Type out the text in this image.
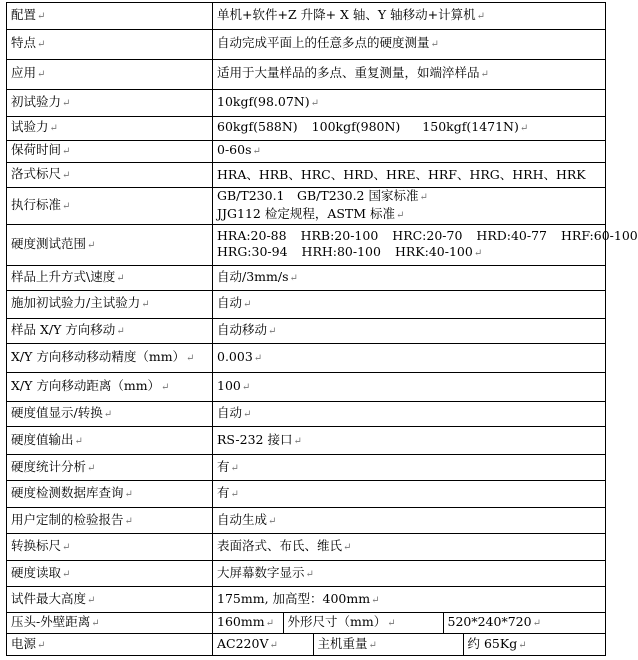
配置↵	单机+软件+Z 升降+ X 轴、Y 轴移动+计算机↵
特点↵	自动完成平面上的任意多点的硬度测量↵
应用↵	适用于大量样品的多点、重复测量，如端淬样品↵
初试验力↵	10kgf(98.07N)↵
试验力↵	60kgf(588N) 100kgf(980N) 150kgf(1471N)↵
保荷时间↵	0-60s↵
洛式标尺↵	HRA、HRB、HRC、HRD、HRE、HRF、HRG、HRH、HRK
执行标准↵	GB/T230.1　GB/T230.2 国家标准↵
JJG112 检定规程，ASTM 标准↵
硬度测试范围↵	HRA:20-88 HRB:20-100 HRC:20-70 HRD:40-77 HRF:60-100
HRG:30-94 HRH:80-100 HRK:40-100↵
样品上升方式\速度↵	自动/3mm/s↵
施加初试验力/主试验力↵	自动↵
样品 X/Y 方向移动↵	自动移动↵
X/Y 方向移动移动精度（mm）↵	0.003↵
X/Y 方向移动距离（mm）↵	100↵
硬度值显示/转换↵	自动↵
硬度值输出↵	RS-232 接口↵
硬度统计分析↵	有↵
硬度检测数据库查询↵	有↵
用户定制的检验报告↵	自动生成↵
转换标尺↵	表面洛式、布氏、维氏↵
硬度读取↵	大屏幕数字显示↵
试件最大高度↵	175mm, 加高型：400mm↵
压头-外壁距离↵		160mm↵	外形尺寸（mm）↵	520*240*720↵

电源↵		AC220V↵	主机重量↵	约 65Kg↵
